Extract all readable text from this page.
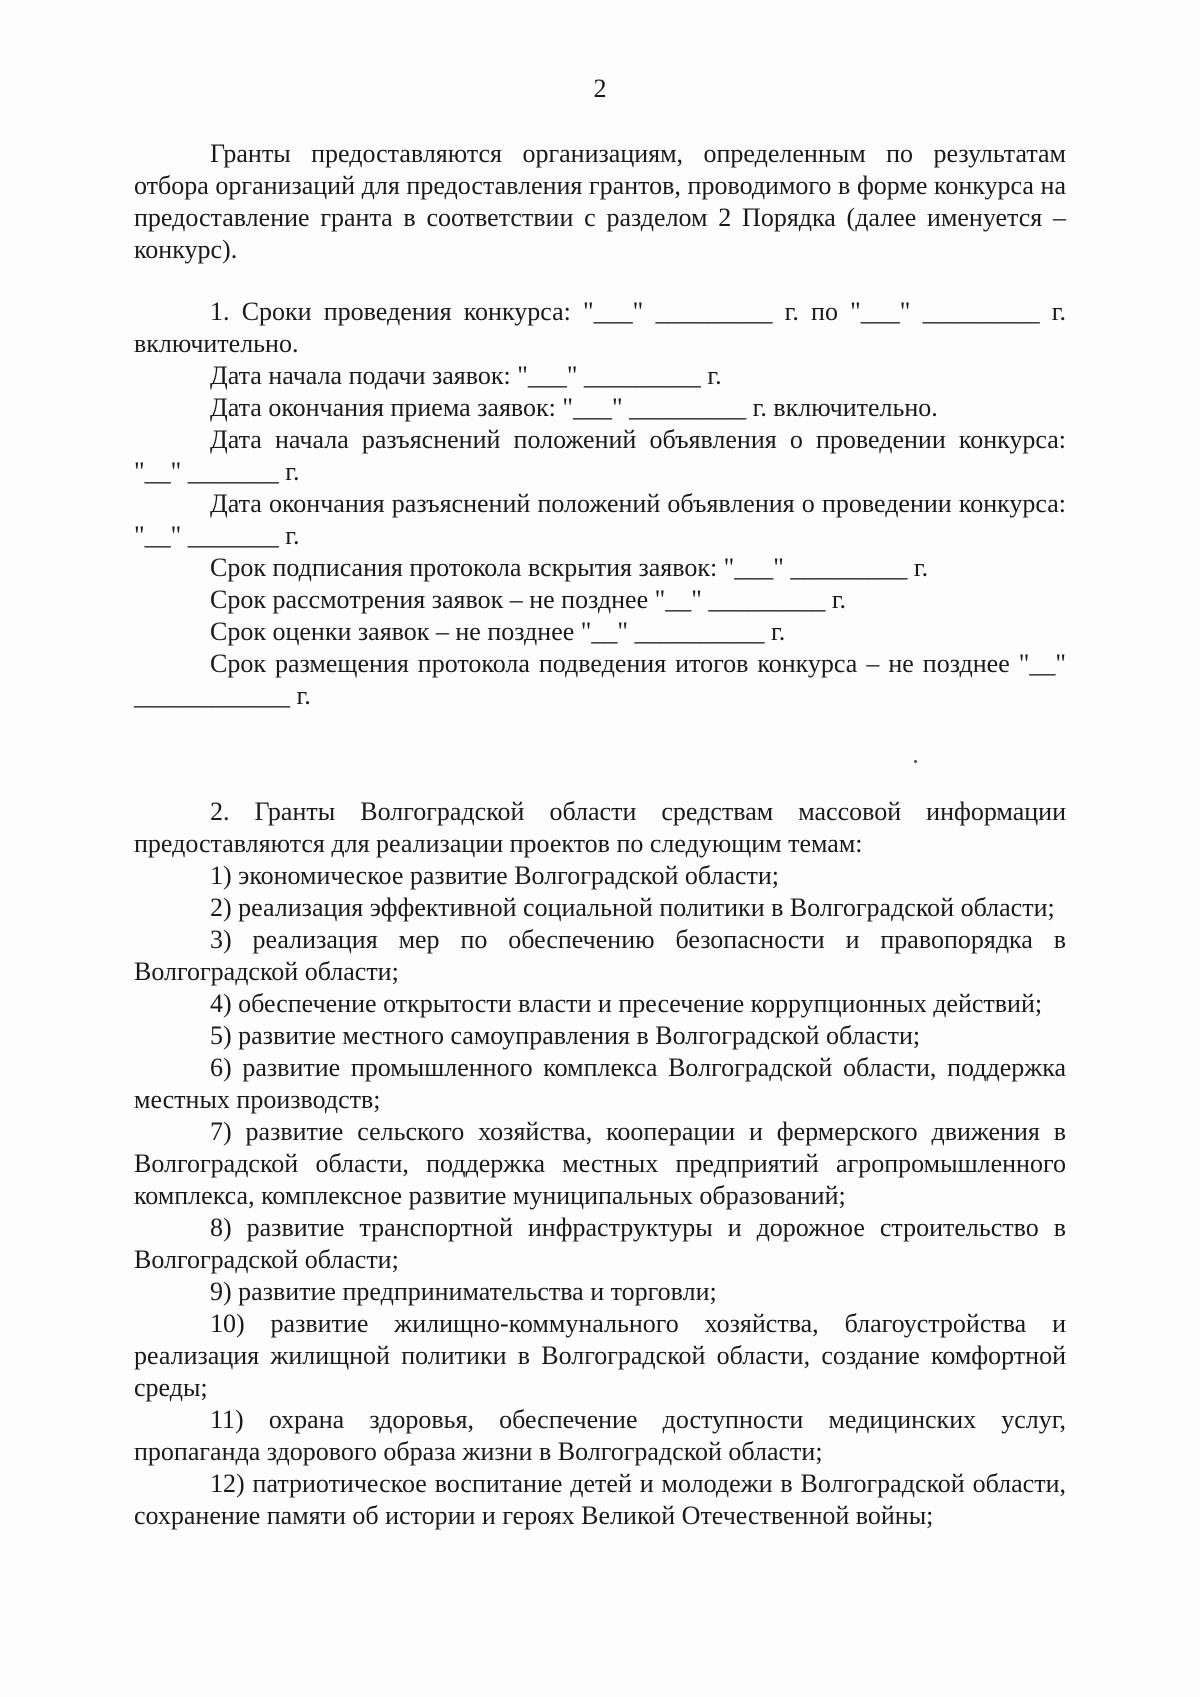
2

Гранты предоставляются организациям, определенным по результатам отбора организаций для предоставления грантов, проводимого в форме конкурса на предоставление гранта в соответствии с разделом 2 Порядка (далее именуется – конкурс).

1. Сроки проведения конкурса: "___" _________ г. по "___" _________ г. включительно.

Дата начала подачи заявок: "___" _________ г.

Дата окончания приема заявок: "___" _________ г. включительно.

Дата начала разъяснений положений объявления о проведении конкурса: "__" _______ г.

Дата окончания разъяснений положений объявления о проведении конкурса: "__" _______ г.

Срок подписания протокола вскрытия заявок: "___" _________ г.

Срок рассмотрения заявок – не позднее "__" _________ г.

Срок оценки заявок – не позднее "__" __________ г.

Срок размещения протокола подведения итогов конкурса – не позднее "__" ____________ г.

2. Гранты Волгоградской области средствам массовой информации предоставляются для реализации проектов по следующим темам:

1) экономическое развитие Волгоградской области;

2) реализация эффективной социальной политики в Волгоградской области;

3) реализация мер по обеспечению безопасности и правопорядка в Волгоградской области;

4) обеспечение открытости власти и пресечение коррупционных действий;

5) развитие местного самоуправления в Волгоградской области;

6) развитие промышленного комплекса Волгоградской области, поддержка местных производств;

7) развитие сельского хозяйства, кооперации и фермерского движения в Волгоградской области, поддержка местных предприятий агропромышленного комплекса, комплексное развитие муниципальных образований;

8) развитие транспортной инфраструктуры и дорожное строительство в Волгоградской области;

9) развитие предпринимательства и торговли;

10) развитие жилищно-коммунального хозяйства, благоустройства и реализация жилищной политики в Волгоградской области, создание комфортной среды;

11) охрана здоровья, обеспечение доступности медицинских услуг, пропаганда здорового образа жизни в Волгоградской области;

12) патриотическое воспитание детей и молодежи в Волгоградской области, сохранение памяти об истории и героях Великой Отечественной войны;
